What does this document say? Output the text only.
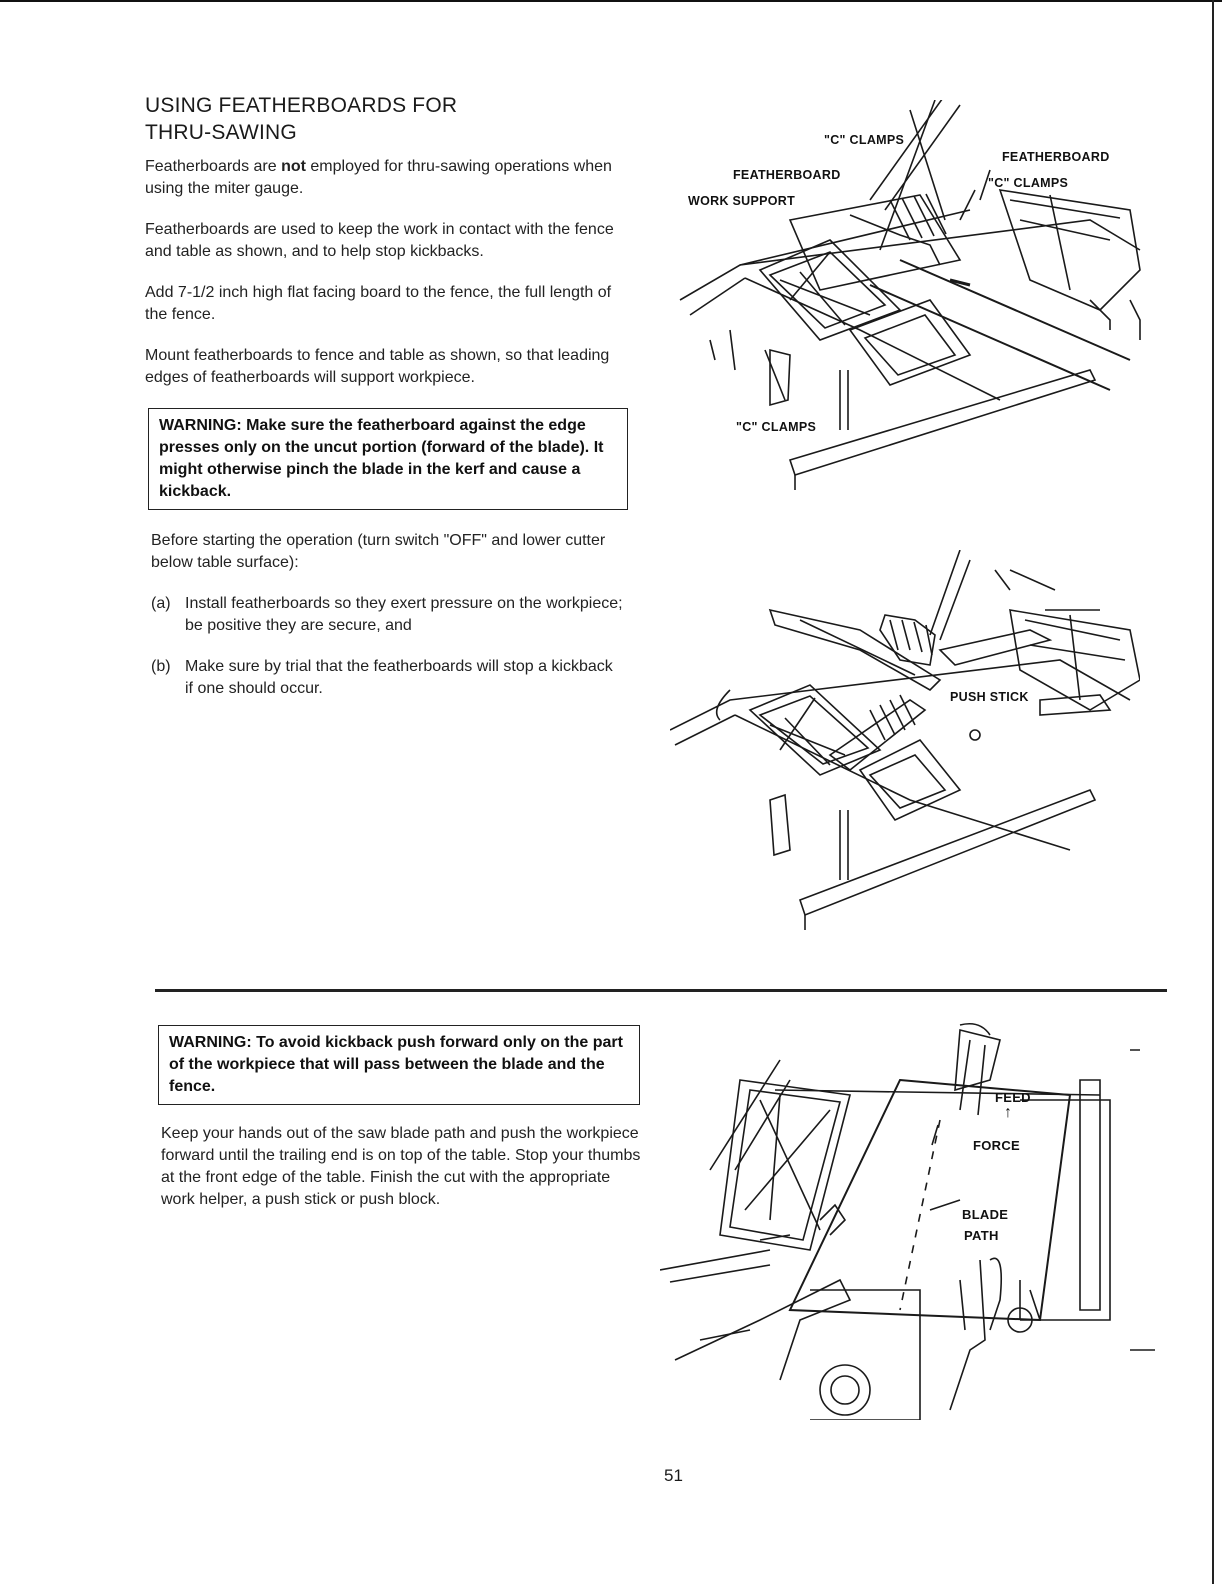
USING FEATHERBOARDS FOR
THRU-SAWING

Featherboards are not employed for thru-sawing operations when using the miter gauge.

Featherboards are used to keep the work in contact with the fence and table as shown, and to help stop kickbacks.

Add 7-1/2 inch high flat facing board to the fence, the full length of the fence.

Mount featherboards to fence and table as shown, so that leading edges of featherboards will support workpiece.

WARNING: Make sure the featherboard against the edge presses only on the uncut portion (forward of the blade). It might otherwise pinch the blade in the kerf and cause a kickback.

Before starting the operation (turn switch "OFF" and lower cutter below table surface):

(a) Install featherboards so they exert pressure on the workpiece; be positive they are secure, and
(b) Make sure by trial that the featherboards will stop a kickback if one should occur.
"C" CLAMPS
FEATHERBOARD
WORK SUPPORT
FEATHERBOARD
"C" CLAMPS
"C" CLAMPS
PUSH STICK
WARNING: To avoid kickback push forward only on the part of the workpiece that will pass between the blade and the fence.

Keep your hands out of the saw blade path and push the workpiece forward until the trailing end is on top of the table. Stop your thumbs at the front edge of the table. Finish the cut with the appropriate work helper, a push stick or push block.

FEED
↑
FORCE
BLADE
PATH
51
